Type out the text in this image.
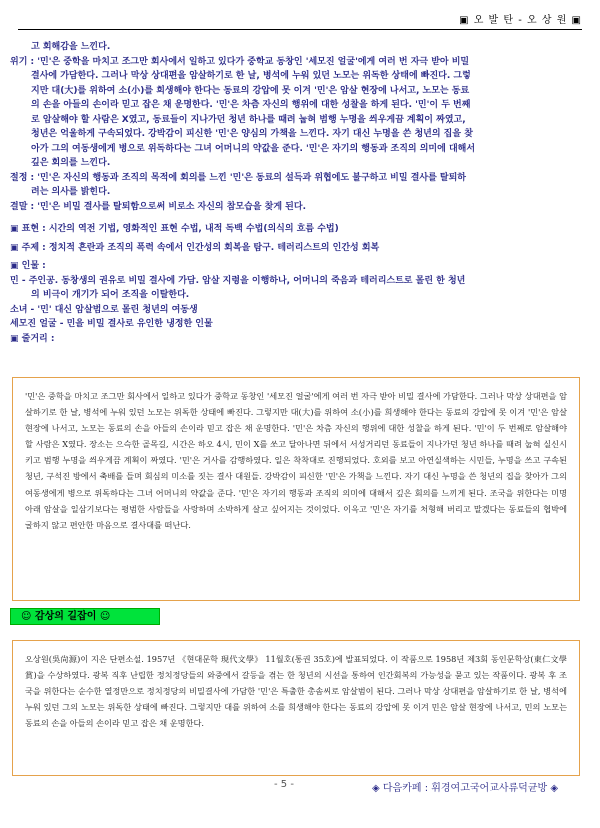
▣ 오 발 탄 - 오 상 원 ▣

고 회해감을 느낀다.

위기 : '민'은 중학을 마치고 조그만 회사에서 일하고 있다가 중학교 동창인 '세모진 얼굴'에게 여러 번 자극 받아 비밀

결사에 가담한다. 그러나 막상 상대편을 암살하기로 한 날, 병석에 누워 있던 노모는 위독한 상태에 빠진다. 그렇

지만 대(大)를 위하여 소(小)를 희생해야 한다는 동료의 강압에 못 이겨 '민'은 암살 현장에 나서고, 노모는 동료

의 손을 아들의 손이라 믿고 잡은 채 운명한다. '민'은 차츰 자신의 행위에 대한 성찰을 하게 된다. '민'이 두 번째

로 암살해야 할 사람은 X였고, 동료들이 지나가던 청년 하나를 때려 눕혀 범행 누명을 씌우게끔 계획이 짜였고,

청년은 억울하게 구속되었다. 강박감이 피신한 '민'은 양심의 가책을 느낀다. 자기 대신 누명을 쓴 청년의 집을 찾

아가 그의 여동생에게 병으로 위독하다는 그녀 어머니의 약값을 준다. '민'은 자기의 행동과 조직의 의미에 대해서

깊은 회의를 느낀다.

절정 : '민'은 자신의 행동과 조직의 목적에 회의를 느낀 '민'은 동료의 설득과 위협에도 불구하고 비밀 결사를 탈퇴하

려는 의사를 밝힌다.

결말 : '민'은 비밀 결사를 탈퇴함으로써 비로소 자신의 참모습을 찾게 된다.

▣ 표현 : 시간의 역전 기법, 영화적인 표현 수법, 내적 독백 수법(의식의 흐름 수법)

▣ 주제 : 정치적 흔란과 조직의 폭력 속에서 인간성의 회복을 탐구. 테러리스트의 인간성 회복

▣ 인물 :

민 - 주인공. 동창생의 권유로 비밀 결사에 가담. 암살 지령을 이행하나, 어머니의 죽음과 테러리스트로 몰린 한 청년

의 비극이 개기가 되어 조직을 이탈한다.

소녀 - '민' 대신 암살범으로 몰린 청년의 여동생

세모진 얼굴 - 민을 비밀 결사로 유인한 냉정한 인물

▣ 줄거리 :

'민'은 중학을 마치고 조그만 회사에서 일하고 있다가 중학교 동창인 '세모진 얼굴'에게 여러 번 자극 받아 비밀 결사에 가담한다. 그러나 막상 상대편을 암살하기로 한 날, 병석에 누워 있던 노모는 위독한 상태에 빠진다. 그렇지만 대(大)를 위하여 소(小)를 희생해야 한다는 동료의 강압에 못 이겨 '민'은 암살 현장에 나서고, 노모는 동료의 손을 아들의 손이라 믿고 잡은 채 운명한다. '민'은 차츰 자신의 행위에 대한 성찰을 하게 된다. '민'이 두 번째로 암살해야 할 사람은 X였다. 장소는 으슥한 골목길, 시간은 하오 4시, 민이 X를 쏘고 달아나면 뒤에서 서성거리던 동료들이 지나가던 청년 하나를 때려 눕혀 실신시키고 범행 누명을 씌우게끔 계획이 짜였다. '민'은 거사를 감행하였다. 일은 착착대로 진행되었다. 호외를 보고 아연실색하는 시민들, 누명을 쓰고 구속된 청년, 구석진 방에서 축배를 들며 회심의 미소를 짓는 결사 대원들. 강박감이 피신한 '민'은 가책을 느낀다. 자기 대신 누명을 쓴 청년의 집을 찾아가 그의 여동생에게 병으로 위독하다는 그녀 어머니의 약값을 준다. '민'은 자기의 행동과 조직의 의미에 대해서 깊은 회의를 느끼게 된다. 조국을 위한다는 미명 아래 암살을 일삼기보다는 평범한 사람들을 사랑하며 소박하게 살고 싶어지는 것이었다. 이윽고 '민'은 자기를 처형해 버리고 말겠다는 동료들의 협박에 굴하지 않고 편안한 마음으로 결사대를 떠난다.

☺ 감상의 길잡이 ☺

오상원(吳尙源)이 지은 단편소설. 1957년 《현대문학 現代文學》 11월호(통권 35호)에 발표되었다. 이 작품으로 1958년 제3회 동인문학상(東仁文學賞)을 수상하였다. 광복 직후 난립한 정치정당들의 와중에서 갈등을 겪는 한 청년의 시선을 통하여 인간회복의 가능성을 묻고 있는 작품이다. 광복 후 조국을 위한다는 순수한 열정만으로 정치정당의 비밀결사에 가담한 '민'은 특출한 총솜씨로 암살범이 된다. 그러나 막상 상대편을 암살하기로 한 날, 병석에 누워 있던 그의 노모는 위독한 상태에 빠진다. 그렇지만 대를 위하여 소를 희생해야 한다는 동료의 강압에 못 이겨 민은 암살 현장에 나서고, 민의 노모는 동료의 손을 아들의 손이라 믿고 잡은 채 운명한다.

- 5 -	◈ 다음카페 : 휘경여고국어교사류덕균방 ◈
